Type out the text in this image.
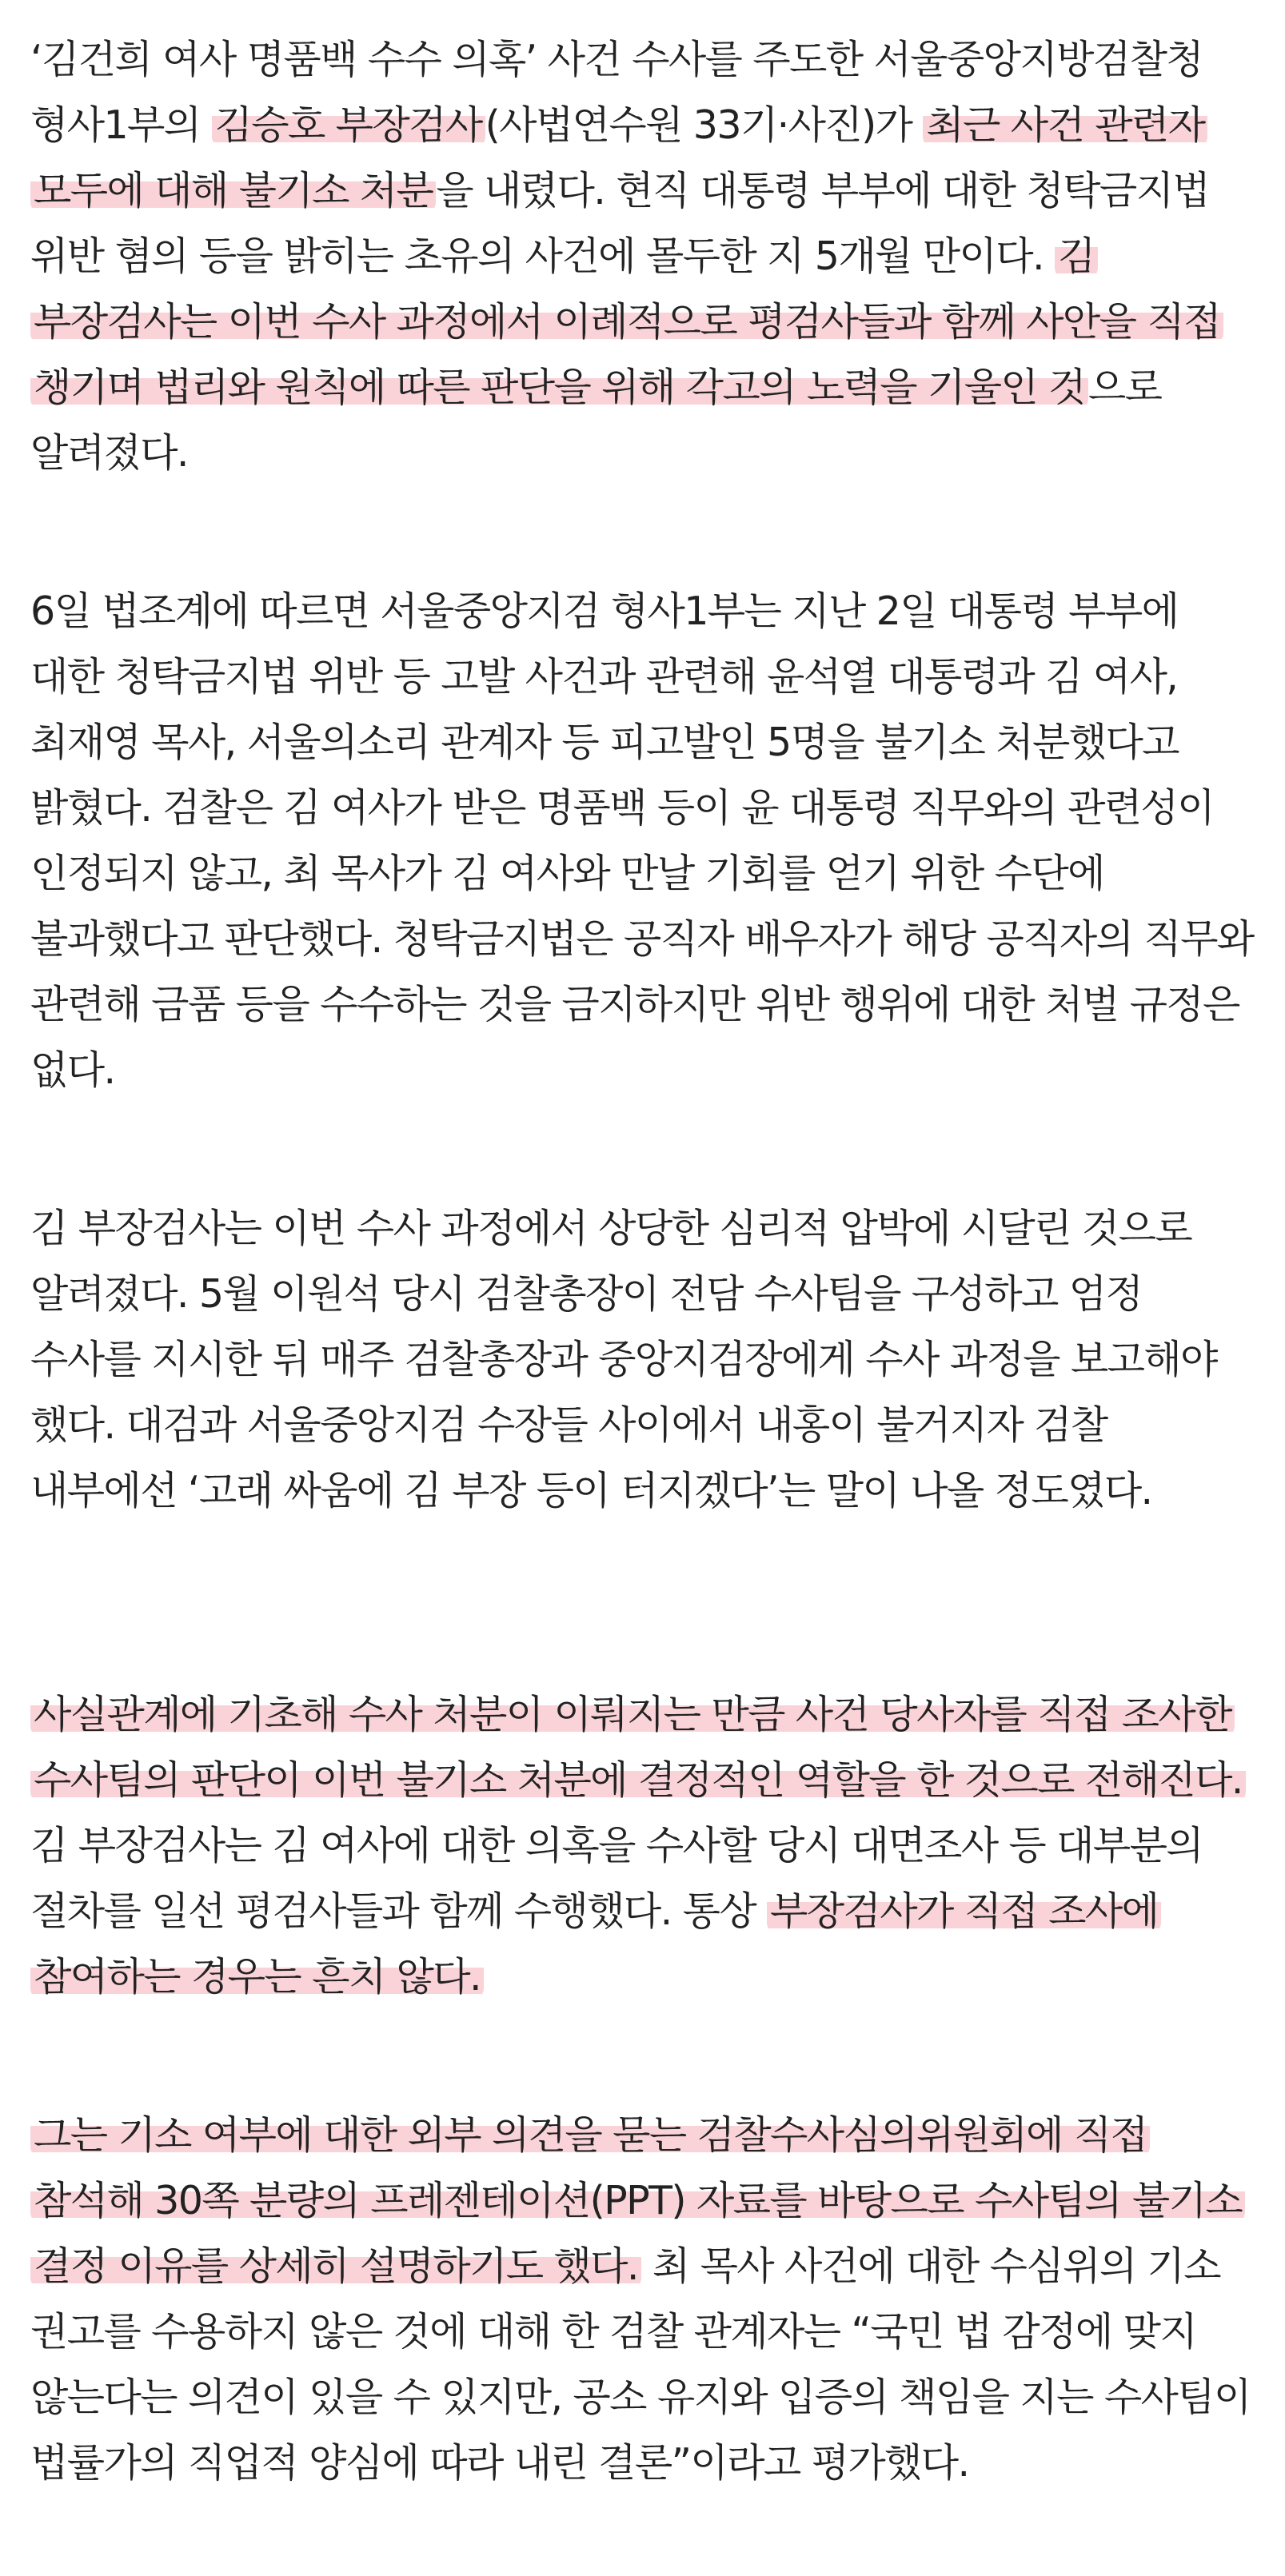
‘김건희 여사 명품백 수수 의혹’ 사건 수사를 주도한 서울중앙지방검찰청 형사1부의 김승호 부장검사(사법연수원 33기·사진)가 최근 사건 관련자 모두에 대해 불기소 처분을 내렸다. 현직 대통령 부부에 대한 청탁금지법 위반 혐의 등을 밝히는 초유의 사건에 몰두한 지 5개월 만이다. 김 부장검사는 이번 수사 과정에서 이례적으로 평검사들과 함께 사안을 직접 챙기며 법리와 원칙에 따른 판단을 위해 각고의 노력을 기울인 것으로 알려졌다.

6일 법조계에 따르면 서울중앙지검 형사1부는 지난 2일 대통령 부부에 대한 청탁금지법 위반 등 고발 사건과 관련해 윤석열 대통령과 김 여사, 최재영 목사, 서울의소리 관계자 등 피고발인 5명을 불기소 처분했다고 밝혔다. 검찰은 김 여사가 받은 명품백 등이 윤 대통령 직무와의 관련성이 인정되지 않고, 최 목사가 김 여사와 만날 기회를 얻기 위한 수단에 불과했다고 판단했다. 청탁금지법은 공직자 배우자가 해당 공직자의 직무와 관련해 금품 등을 수수하는 것을 금지하지만 위반 행위에 대한 처벌 규정은 없다.

김 부장검사는 이번 수사 과정에서 상당한 심리적 압박에 시달린 것으로 알려졌다. 5월 이원석 당시 검찰총장이 전담 수사팀을 구성하고 엄정 수사를 지시한 뒤 매주 검찰총장과 중앙지검장에게 수사 과정을 보고해야 했다. 대검과 서울중앙지검 수장들 사이에서 내홍이 불거지자 검찰 내부에선 ‘고래 싸움에 김 부장 등이 터지겠다’는 말이 나올 정도였다.

사실관계에 기초해 수사 처분이 이뤄지는 만큼 사건 당사자를 직접 조사한 수사팀의 판단이 이번 불기소 처분에 결정적인 역할을 한 것으로 전해진다. 김 부장검사는 김 여사에 대한 의혹을 수사할 당시 대면조사 등 대부분의 절차를 일선 평검사들과 함께 수행했다. 통상 부장검사가 직접 조사에 참여하는 경우는 흔치 않다.

그는 기소 여부에 대한 외부 의견을 묻는 검찰수사심의위원회에 직접 참석해 30쪽 분량의 프레젠테이션(PPT) 자료를 바탕으로 수사팀의 불기소 결정 이유를 상세히 설명하기도 했다. 최 목사 사건에 대한 수심위의 기소 권고를 수용하지 않은 것에 대해 한 검찰 관계자는 “국민 법 감정에 맞지 않는다는 의견이 있을 수 있지만, 공소 유지와 입증의 책임을 지는 수사팀이 법률가의 직업적 양심에 따라 내린 결론”이라고 평가했다.
